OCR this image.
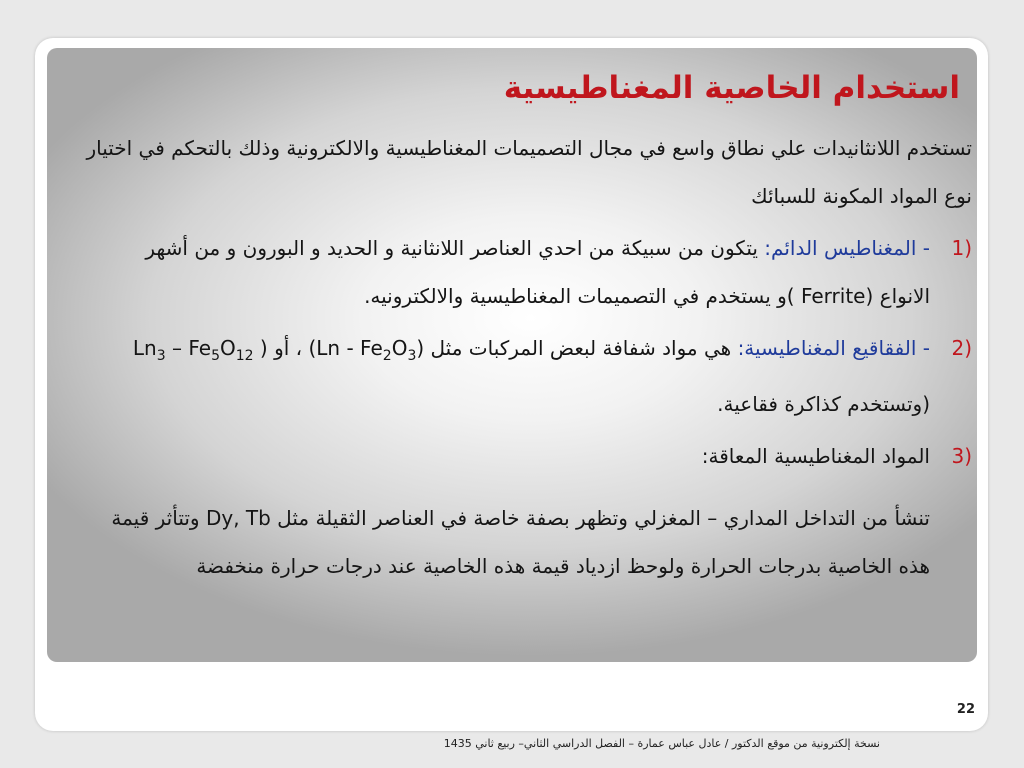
استخدام الخاصية المغناطيسية

تستخدم اللانثانيدات علي نطاق واسع في مجال التصميمات المغناطيسية والالكترونية وذلك بالتحكم في اختيار نوع المواد المكونة للسبائك

(1
- المغناطيس الدائم: يتكون من سبيكة من احدي العناصر اللانثانية و الحديد و البورون و من أشهر الانواع (Ferrite )و يستخدم في التصميمات المغناطيسية والالكترونيه.
(2
- الفقاقيع المغناطيسية: هي مواد شفافة لبعض المركبات مثل $(Ln - Fe_2O_3)$ ، أو ( $Ln_3 - Fe_5O_{12}$ )وتستخدم كذاكرة فقاعية.
(3
المواد المغناطيسية المعاقة:

تنشأ من التداخل المداري – المغزلي وتظهر بصفة خاصة في العناصر الثقيلة مثل Dy, Tb وتتأثر قيمة هذه الخاصية بدرجات الحرارة ولوحظ ازدياد قيمة هذه الخاصية عند درجات حرارة منخفضة

22
نسخة إلكترونية من موقع الدكتور / عادل عباس عمارة – الفصل الدراسي الثاني– ربيع ثاني 1435
